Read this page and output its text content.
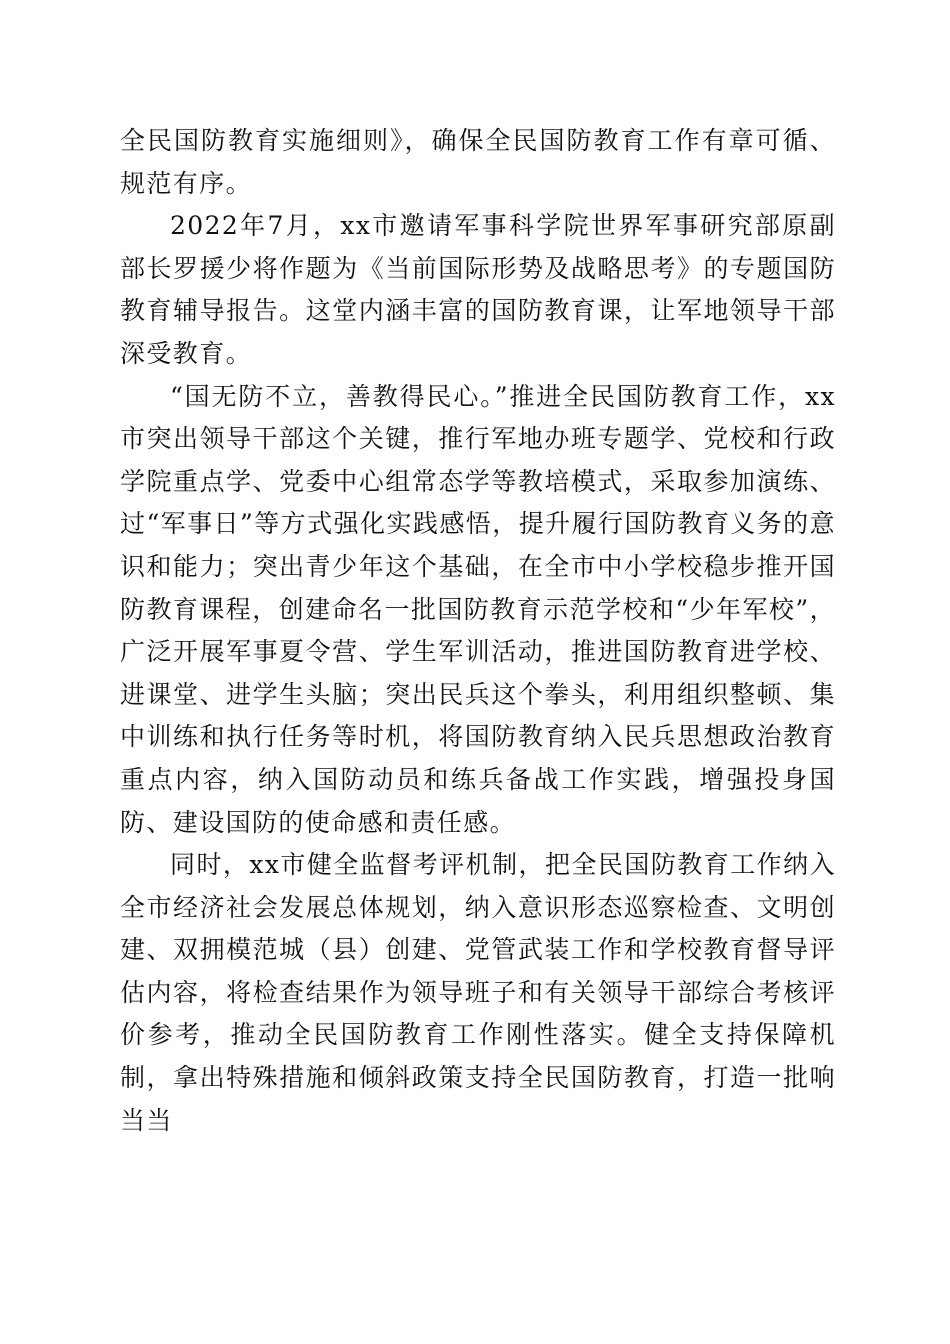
全民国防教育实施细则》，确保全民国防教育工作有章可循、规范有序。

2022年7月，xx市邀请军事科学院世界军事研究部原副部长罗援少将作题为《当前国际形势及战略思考》的专题国防教育辅导报告。这堂内涵丰富的国防教育课，让军地领导干部深受教育。

“国无防不立，善教得民心。”推进全民国防教育工作，xx市突出领导干部这个关键，推行军地办班专题学、党校和行政学院重点学、党委中心组常态学等教培模式，采取参加演练、过“军事日”等方式强化实践感悟，提升履行国防教育义务的意识和能力；突出青少年这个基础，在全市中小学校稳步推开国防教育课程，创建命名一批国防教育示范学校和“少年军校”，广泛开展军事夏令营、学生军训活动，推进国防教育进学校、进课堂、进学生头脑；突出民兵这个拳头，利用组织整顿、集中训练和执行任务等时机，将国防教育纳入民兵思想政治教育重点内容，纳入国防动员和练兵备战工作实践，增强投身国防、建设国防的使命感和责任感。

同时，xx市健全监督考评机制，把全民国防教育工作纳入全市经济社会发展总体规划，纳入意识形态巡察检查、文明创建、双拥模范城（县）创建、党管武装工作和学校教育督导评估内容，将检查结果作为领导班子和有关领导干部综合考核评价参考，推动全民国防教育工作刚性落实。健全支持保障机制，拿出特殊措施和倾斜政策支持全民国防教育，打造一批响当当
